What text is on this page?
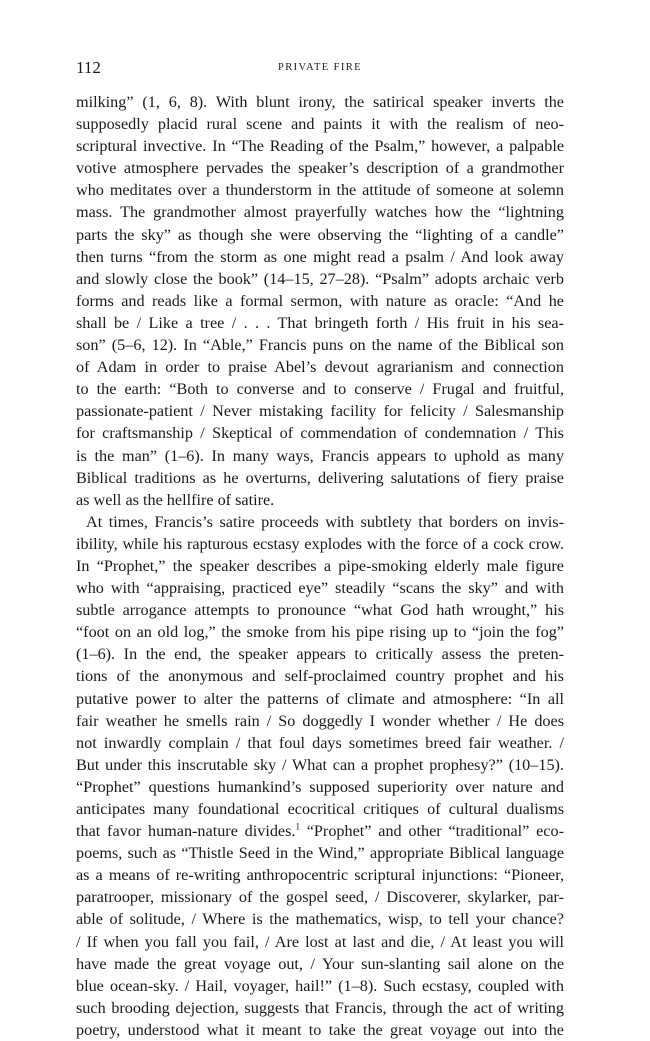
112	PRIVATE FIRE

milking” (1, 6, 8). With blunt irony, the satirical speaker inverts the
supposedly placid rural scene and paints it with the realism of neo-
scriptural invective. In “The Reading of the Psalm,” however, a palpable
votive atmosphere pervades the speaker’s description of a grandmother
who meditates over a thunderstorm in the attitude of someone at solemn
mass. The grandmother almost prayerfully watches how the “lightning
parts the sky” as though she were observing the “lighting of a candle”
then turns “from the storm as one might read a psalm / And look away
and slowly close the book” (14–15, 27–28). “Psalm” adopts archaic verb
forms and reads like a formal sermon, with nature as oracle: “And he
shall be / Like a tree / . . . That bringeth forth / His fruit in his sea-
son” (5–6, 12). In “Able,” Francis puns on the name of the Biblical son
of Adam in order to praise Abel’s devout agrarianism and connection
to the earth: “Both to converse and to conserve / Frugal and fruitful,
passionate-patient / Never mistaking facility for felicity / Salesmanship
for craftsmanship / Skeptical of commendation of condemnation / This
is the man” (1–6). In many ways, Francis appears to uphold as many
Biblical traditions as he overturns, delivering salutations of fiery praise
as well as the hellfire of satire.

At times, Francis’s satire proceeds with subtlety that borders on invis-
ibility, while his rapturous ecstasy explodes with the force of a cock crow.
In “Prophet,” the speaker describes a pipe-smoking elderly male figure
who with “appraising, practiced eye” steadily “scans the sky” and with
subtle arrogance attempts to pronounce “what God hath wrought,” his
“foot on an old log,” the smoke from his pipe rising up to “join the fog”
(1–6). In the end, the speaker appears to critically assess the preten-
tions of the anonymous and self-proclaimed country prophet and his
putative power to alter the patterns of climate and atmosphere: “In all
fair weather he smells rain / So doggedly I wonder whether / He does
not inwardly complain / that foul days sometimes breed fair weather. /
But under this inscrutable sky / What can a prophet prophesy?” (10–15).
“Prophet” questions humankind’s supposed superiority over nature and
anticipates many foundational ecocritical critiques of cultural dualisms
that favor human-nature divides.$^1$ “Prophet” and other “traditional” eco-
poems, such as “Thistle Seed in the Wind,” appropriate Biblical language
as a means of re-writing anthropocentric scriptural injunctions: “Pioneer,
paratrooper, missionary of the gospel seed, / Discoverer, skylarker, par-
able of solitude, / Where is the mathematics, wisp, to tell your chance?
/ If when you fall you fail, / Are lost at last and die, / At least you will
have made the great voyage out, / Your sun-slanting sail alone on the
blue ocean-sky. / Hail, voyager, hail!” (1–8). Such ecstasy, coupled with
such brooding dejection, suggests that Francis, through the act of writing
poetry, understood what it meant to take the great voyage out into the
